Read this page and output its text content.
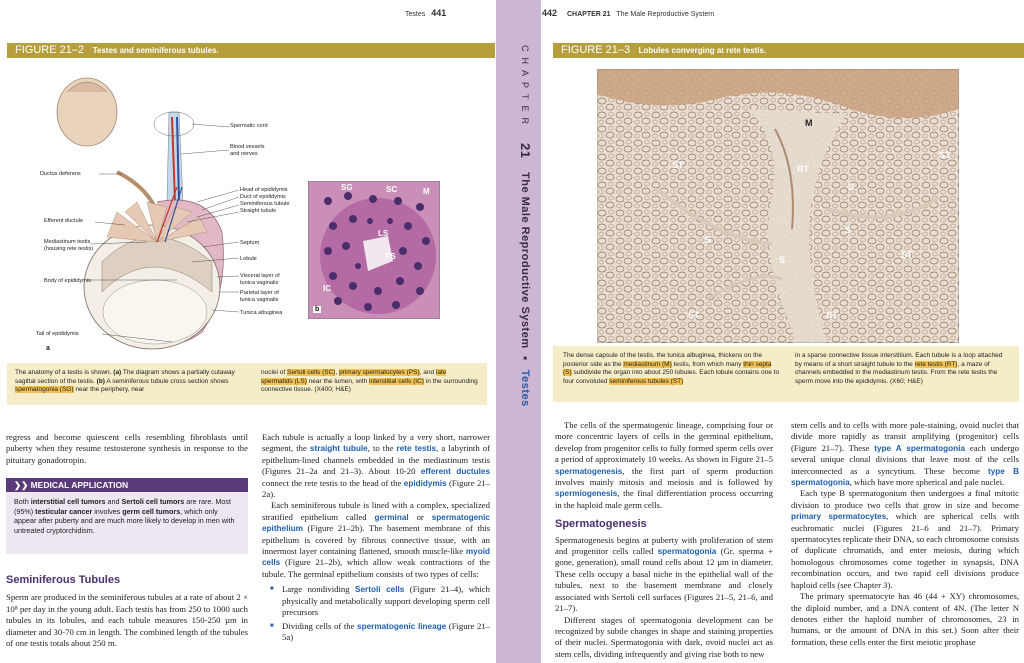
Testes 441
FIGURE 21–2 Testes and seminiferous tubules.
Spermatic cord
Blood vessels
and nerves
Ductus deferens
Head of epididymis
Duct of epididymis
Seminiferous tubule
Straight tubule
Efferent ductule
Mediastinum testis
(housing rete testis)
Septum
Lobule
Body of epididymis
Visceral layer of
tunica vaginalis
Parietal layer of
tunica vaginalis
Tunica albuginea
Tail of epididymis
a
SG	SC	M
LS
PS
IC
b
The anatomy of a testis is shown. (a) The diagram shows a partially cutaway sagittal section of the testis. (b) A seminiferous tubule cross section shows spermatogonia (SG) near the periphery, near
nuclei of Sertoli cells (SC), primary spermatocytes (PS), and late spermatids (LS) near the lumen, with interstitial cells (IC) in the surrounding connective tissue. (X400; H&E)

regress and become quiescent cells resembling fibroblasts until puberty when they resume testosterone synthesis in response to the pituitary gonadotropin.

❯❯ MEDICAL APPLICATION
Both interstitial cell tumors and Sertoli cell tumors are rare. Most (95%) testicular cancer involves germ cell tumors, which only appear after puberty and are much more likely to develop in men with untreated cryptorchidism.
Seminiferous Tubules

Sperm are produced in the seminiferous tubules at a rate of about 2 × 10⁸ per day in the young adult. Each testis has from 250 to 1000 such tubules in its lobules, and each tubule measures 150-250 µm in diameter and 30-70 cm in length. The combined length of the tubules of one testis totals about 250 m.

Each tubule is actually a loop linked by a very short, narrower segment, the straight tubule, to the rete testis, a labyrinth of epithelium-lined channels embedded in the mediastinum testis (Figures 21–2a and 21–3). About 10-20 efferent ductules connect the rete testis to the head of the epididymis (Figure 21–2a).

Each seminiferous tubule is lined with a complex, specialized stratified epithelium called germinal or spermatogenic epithelium (Figure 21–2b). The basement membrane of this epithelium is covered by fibrous connective tissue, with an innermost layer containing flattened, smooth muscle-like myoid cells (Figure 21–2b), which allow weak contractions of the tubule. The germinal epithelium consists of two types of cells:

■ Large nondividing Sertoli cells (Figure 21–4), which physically and metabolically support developing sperm cell precursors
■ Dividing cells of the spermatogenic lineage (Figure 21–5a)
CHAPTER 21 The Male Reproductive System ■ Testes
442 CHAPTER 21 The Male Reproductive System
FIGURE 21–3 Lobules converging at rete testis.
M
RT
ST
ST
ST
ST	ST
S
S
S
S
The dense capsule of the testis, the tunica albuginea, thickens on the posterior side as the mediastinum (M) testis, from which many thin septa (S) subdivide the organ into about 250 lobules. Each lobule contains one to four convoluted seminiferous tubules (ST)
in a sparse connective tissue interstitium. Each tubule is a loop attached by means of a short straight tubule to the rete testis (RT), a maze of channels embedded in the mediastinum testis. From the rete testis the sperm move into the epididymis. (X60; H&E)

The cells of the spermatogenic lineage, comprising four or more concentric layers of cells in the germinal epithelium, develop from progenitor cells to fully formed sperm cells over a period of approximately 10 weeks. As shown in Figure 21–5 spermatogenesis, the first part of sperm production involves mainly mitosis and meiosis and is followed by spermiogenesis, the final differentiation process occurring in the haploid male germ cells.

Spermatogenesis

Spermatogenesis begins at puberty with proliferation of stem and progenitor cells called spermatogonia (Gr. sperma + gone, generation), small round cells about 12 µm in diameter. These cells occupy a basal niche in the epithelial wall of the tubules, next to the basement membrane and closely associated with Sertoli cell surfaces (Figures 21–5, 21–6, and 21–7).

Different stages of spermatogonia development can be recognized by subtle changes in shape and staining properties of their nuclei. Spermatogonia with dark, ovoid nuclei act as stem cells, dividing infrequently and giving rise both to new

stem cells and to cells with more pale-staining, ovoid nuclei that divide more rapidly as transit amplifying (progenitor) cells (Figure 21–7). These type A spermatogonia each undergo several unique clonal divisions that leave most of the cells interconnected as a syncytium. These become type B spermatogonia, which have more spherical and pale nuclei.

Each type B spermatogonium then undergoes a final mitotic division to produce two cells that grow in size and become primary spermatocytes, which are spherical cells with euchromatic nuclei (Figures 21–6 and 21–7). Primary spermatocytes replicate their DNA, so each chromosome consists of duplicate chromatids, and enter meiosis, during which homologous chromosomes come together in synapsis, DNA recombination occurs, and two rapid cell divisions produce haploid cells (see Chapter 3).

The primary spermatocyte has 46 (44 + XY) chromosomes, the diploid number, and a DNA content of 4N. (The letter N denotes either the haploid number of chromosomes, 23 in humans, or the amount of DNA in this set.) Soon after their formation, these cells enter the first meiotic prophase
